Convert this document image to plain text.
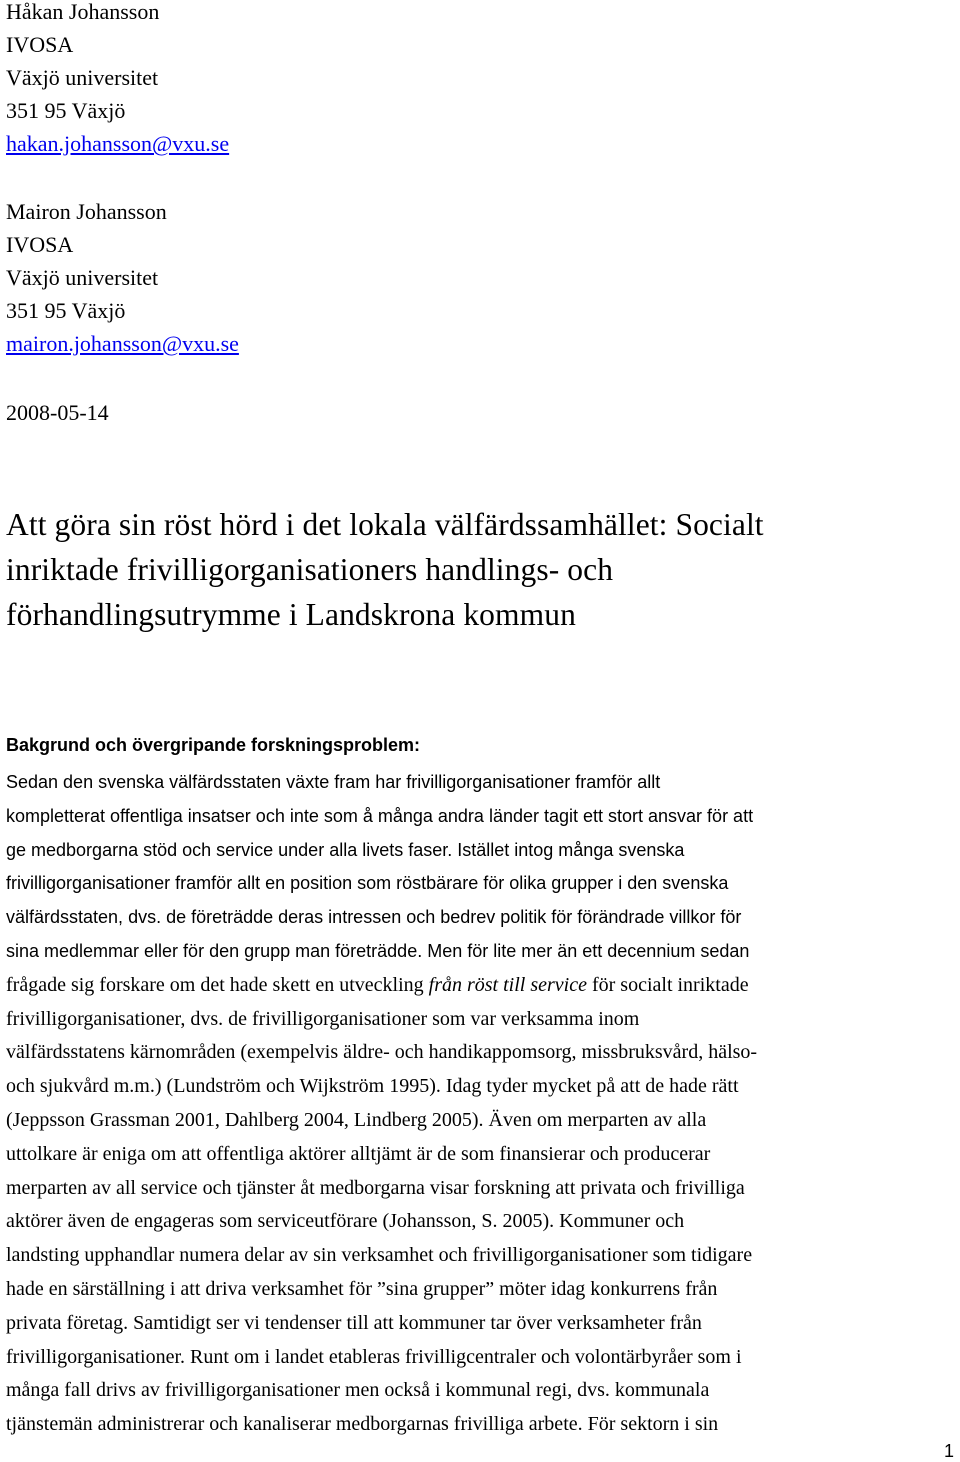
Håkan Johansson
IVOSA
Växjö universitet
351 95 Växjö
hakan.johansson@vxu.se
Mairon Johansson
IVOSA
Växjö universitet
351 95 Växjö
mairon.johansson@vxu.se
2008-05-14
Att göra sin röst hörd i det lokala välfärdssamhället: Socialt
inriktade frivilligorganisationers handlings- och
förhandlingsutrymme i Landskrona kommun
Bakgrund och övergripande forskningsproblem:
Sedan den svenska välfärdsstaten växte fram har frivilligorganisationer framför allt
kompletterat offentliga insatser och inte som å många andra länder tagit ett stort ansvar för att
ge medborgarna stöd och service under alla livets faser. Istället intog många svenska
frivilligorganisationer framför allt en position som röstbärare för olika grupper i den svenska
välfärdsstaten, dvs. de företrädde deras intressen och bedrev politik för förändrade villkor för
sina medlemmar eller för den grupp man företrädde. Men för lite mer än ett decennium sedan
frågade sig forskare om det hade skett en utveckling från röst till service för socialt inriktade
frivilligorganisationer, dvs. de frivilligorganisationer som var verksamma inom
välfärdsstatens kärnområden (exempelvis äldre- och handikappomsorg, missbruksvård, hälso-
och sjukvård m.m.) (Lundström och Wijkström 1995). Idag tyder mycket på att de hade rätt
(Jeppsson Grassman 2001, Dahlberg 2004, Lindberg 2005). Även om merparten av alla
uttolkare är eniga om att offentliga aktörer alltjämt är de som finansierar och producerar
merparten av all service och tjänster åt medborgarna visar forskning att privata och frivilliga
aktörer även de engageras som serviceutförare (Johansson, S. 2005). Kommuner och
landsting upphandlar numera delar av sin verksamhet och frivilligorganisationer som tidigare
hade en särställning i att driva verksamhet för ”sina grupper” möter idag konkurrens från
privata företag. Samtidigt ser vi tendenser till att kommuner tar över verksamheter från
frivilligorganisationer. Runt om i landet etableras frivilligcentraler och volontärbyråer som i
många fall drivs av frivilligorganisationer men också i kommunal regi, dvs. kommunala
tjänstemän administrerar och kanaliserar medborgarnas frivilliga arbete. För sektorn i sin
1
